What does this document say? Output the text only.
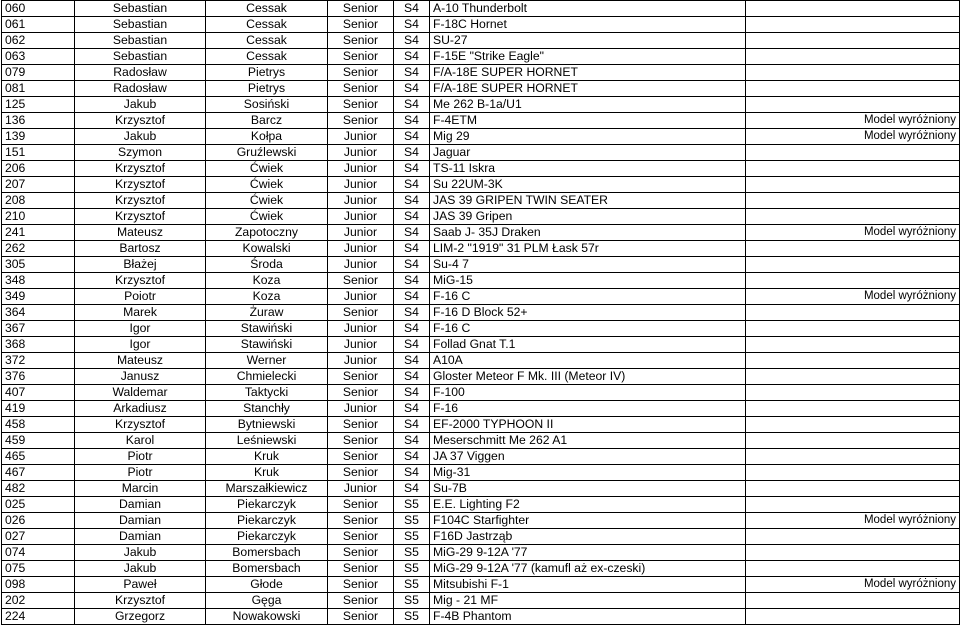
060	Sebastian	Cessak	Senior	S4	A-10 Thunderbolt	
061	Sebastian	Cessak	Senior	S4	F-18C Hornet	
062	Sebastian	Cessak	Senior	S4	SU-27	
063	Sebastian	Cessak	Senior	S4	F-15E "Strike Eagle"	
079	Radosław	Pietrys	Senior	S4	F/A-18E SUPER HORNET	
081	Radosław	Pietrys	Senior	S4	F/A-18E SUPER HORNET	
125	Jakub	Sosiński	Senior	S4	Me 262 B-1a/U1	
136	Krzysztof	Barcz	Senior	S4	F-4ETM	Model wyróżniony
139	Jakub	Kołpa	Junior	S4	Mig 29	Model wyróżniony
151	Szymon	Gruźlewski	Junior	S4	Jaguar	
206	Krzysztof	Ćwiek	Junior	S4	TS-11 Iskra	
207	Krzysztof	Ćwiek	Junior	S4	Su 22UM-3K	
208	Krzysztof	Ćwiek	Junior	S4	JAS 39 GRIPEN TWIN SEATER	
210	Krzysztof	Ćwiek	Junior	S4	JAS 39 Gripen	
241	Mateusz	Zapotoczny	Junior	S4	Saab J- 35J Draken	Model wyróżniony
262	Bartosz	Kowalski	Junior	S4	LIM-2 "1919" 31 PLM Łask 57r	
305	Błażej	Środa	Junior	S4	Su-4 7	
348	Krzysztof	Koza	Senior	S4	MiG-15	
349	Poiotr	Koza	Junior	S4	F-16 C	Model wyróżniony
364	Marek	Żuraw	Senior	S4	F-16 D Block 52+	
367	Igor	Stawiński	Junior	S4	F-16 C	
368	Igor	Stawiński	Junior	S4	Follad Gnat T.1	
372	Mateusz	Werner	Junior	S4	A10A	
376	Janusz	Chmielecki	Senior	S4	Gloster Meteor F Mk. III (Meteor IV)	
407	Waldemar	Taktycki	Senior	S4	F-100	
419	Arkadiusz	Stanchły	Junior	S4	F-16	
458	Krzysztof	Bytniewski	Senior	S4	EF-2000 TYPHOON II	
459	Karol	Leśniewski	Senior	S4	Meserschmitt Me 262 A1	
465	Piotr	Kruk	Senior	S4	JA 37 Viggen	
467	Piotr	Kruk	Senior	S4	Mig-31	
482	Marcin	Marszałkiewicz	Junior	S4	Su-7B	
025	Damian	Piekarczyk	Senior	S5	E.E. Lighting F2	
026	Damian	Piekarczyk	Senior	S5	F104C Starfighter	Model wyróżniony
027	Damian	Piekarczyk	Senior	S5	F16D Jastrząb	
074	Jakub	Bomersbach	Senior	S5	MiG-29 9-12A '77	
075	Jakub	Bomersbach	Senior	S5	MiG-29 9-12A '77 (kamufl aż ex-czeski)	
098	Paweł	Głode	Senior	S5	Mitsubishi F-1	Model wyróżniony
202	Krzysztof	Gęga	Senior	S5	Mig - 21 MF	
224	Grzegorz	Nowakowski	Senior	S5	F-4B Phantom	
